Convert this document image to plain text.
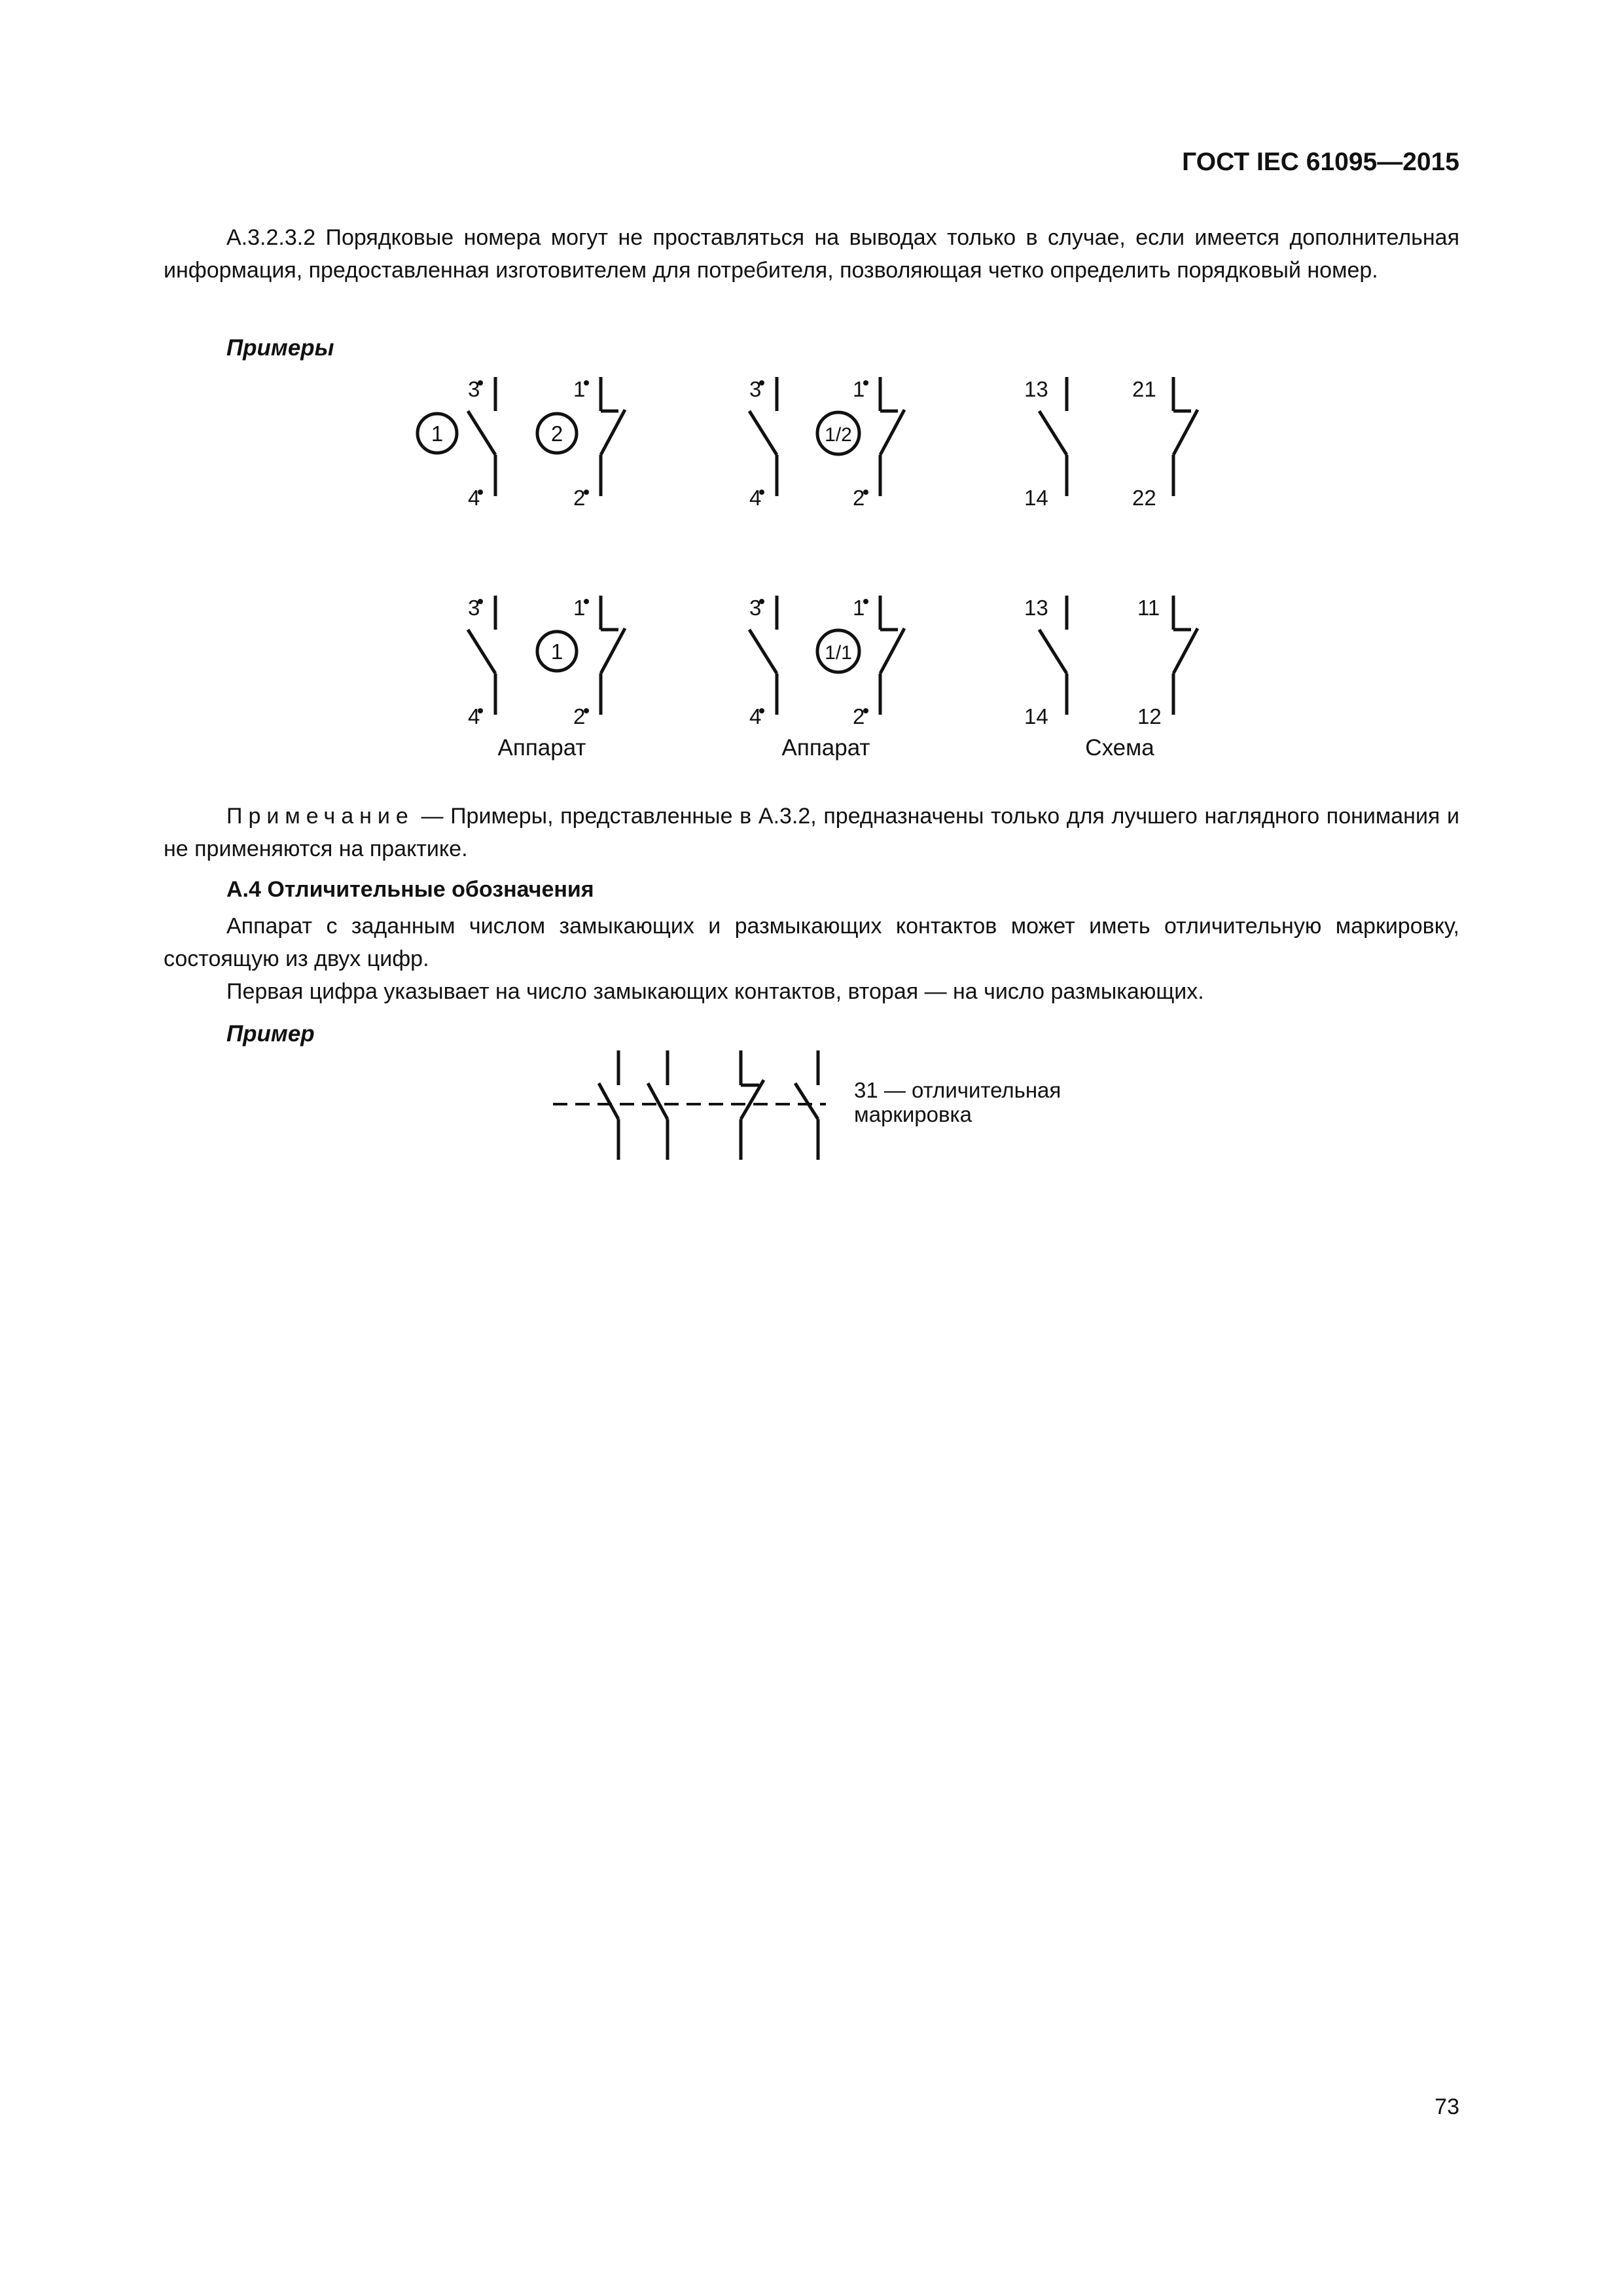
ГОСТ IEC 61095—2015
А.3.2.3.2 Порядковые номера могут не проставляться на выводах только в случае, если имеется дополнительная информация, предоставленная изготовителем для потребителя, позволяющая четко определить порядковый номер.
Примеры
3
4
1
2
1	2
3
4
1
2
1/2
13
14
21
22
3
4
1
2
1
3
4
1
2
1/1
13
14
11
12
Аппарат	Аппарат	Схема
31 — отличительная
маркировка
Примечание — Примеры, представленные в А.3.2, предназначены только для лучшего наглядного понимания и не применяются на практике.
А.4 Отличительные обозначения
Аппарат с заданным числом замыкающих и размыкающих контактов может иметь отличительную маркировку, состоящую из двух цифр.
Первая цифра указывает на число замыкающих контактов, вторая — на число размыкающих.
Пример
73
